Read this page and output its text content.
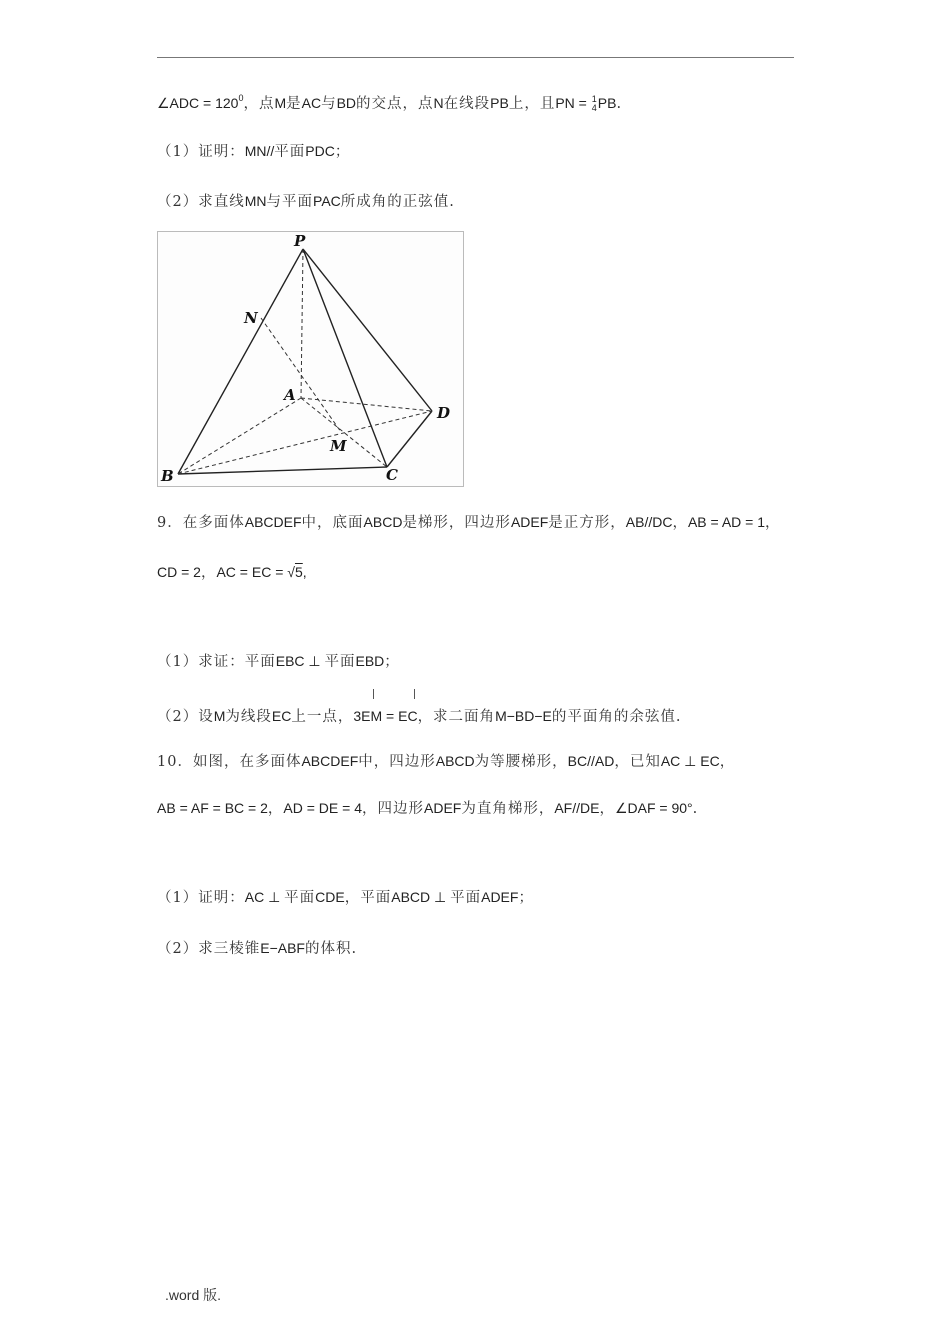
∠ADC = $120^0$，点M是AC与BD的交点，点N在线段PB上，且PN = 1
4PB.
（1）证明：MN//平面PDC；
（2）求直线MN与平面PAC所成角的正弦值.
P
N
A
D
M
B	C
9．在多面体ABCDEF中，底面ABCD是梯形，四边形ADEF是正方形，AB//DC，AB = AD = 1，
CD = 2，AC = EC = √5,
（1）求证：平面EBC ⊥ 平面EBD；
（2）设M为线段EC上一点，3EM = EC，求二面角M−BD−E的平面角的余弦值.
10．如图，在多面体ABCDEF中，四边形ABCD为等腰梯形，BC//AD，已知AC ⊥ EC，
AB = AF = BC = 2，AD = DE = 4，四边形ADEF为直角梯形，AF//DE，∠DAF = 90°.
（1）证明：AC ⊥ 平面CDE，平面ABCD ⊥ 平面ADEF；
（2）求三棱锥E−ABF的体积.
.word 版.
